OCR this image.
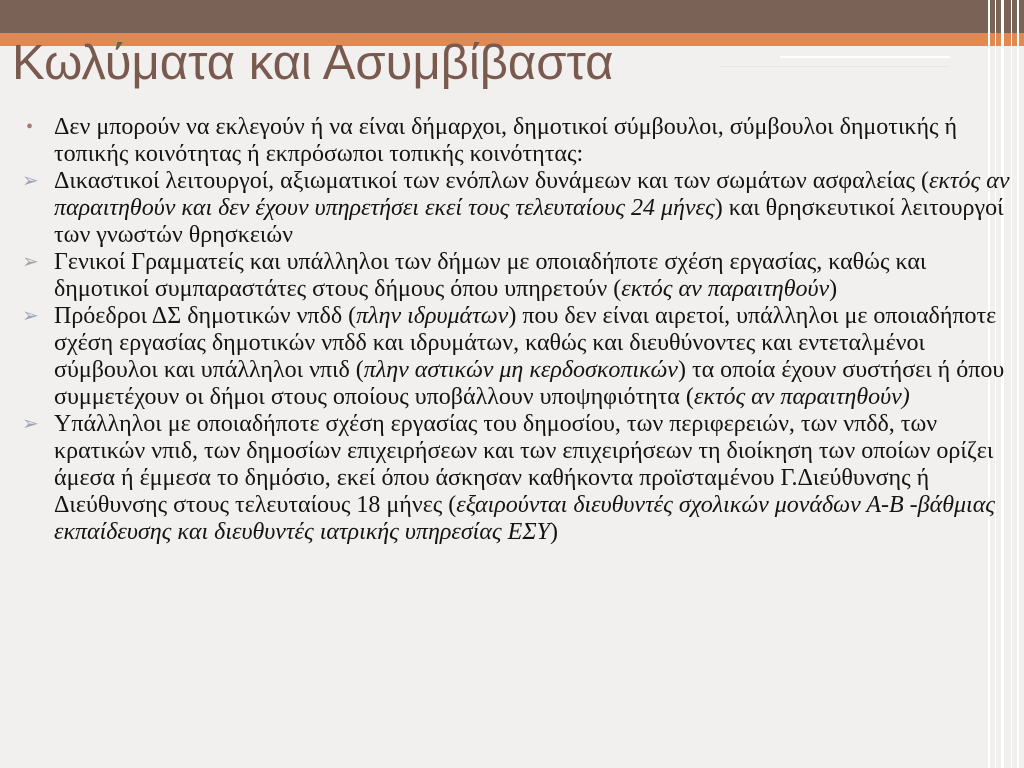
Κωλύματα και Ασυμβίβαστα
• Δεν μπορούν να εκλεγούν ή να είναι δήμαρχοι, δημοτικοί σύμβουλοι, σύμβουλοι δημοτικής ή τοπικής κοινότητας ή εκπρόσωποι τοπικής κοινότητας:
➢ Δικαστικοί λειτουργοί, αξιωματικοί των ενόπλων δυνάμεων και των σωμάτων ασφαλείας (εκτός αν παραιτηθούν και δεν έχουν υπηρετήσει εκεί τους τελευταίους 24 μήνες) και θρησκευτικοί λειτουργοί των γνωστών θρησκειών
➢ Γενικοί Γραμματείς και υπάλληλοι των δήμων με οποιαδήποτε σχέση εργασίας, καθώς και δημοτικοί συμπαραστάτες στους δήμους όπου υπηρετούν (εκτός αν παραιτηθούν)
➢ Πρόεδροι ΔΣ δημοτικών νπδδ (πλην ιδρυμάτων) που δεν είναι αιρετοί, υπάλληλοι με οποιαδήποτε σχέση εργασίας δημοτικών νπδδ και ιδρυμάτων, καθώς και διευθύνοντες και εντεταλμένοι σύμβουλοι και υπάλληλοι νπιδ (πλην αστικών μη κερδοσκοπικών) τα οποία έχουν συστήσει ή όπου συμμετέχουν οι δήμοι στους οποίους υποβάλλουν υποψηφιότητα (εκτός αν παραιτηθούν)
➢ Υπάλληλοι με οποιαδήποτε σχέση εργασίας του δημοσίου, των περιφερειών, των νπδδ, των κρατικών νπιδ, των δημοσίων επιχειρήσεων και των επιχειρήσεων τη διοίκηση των οποίων ορίζει άμεσα ή έμμεσα το δημόσιο, εκεί όπου άσκησαν καθήκοντα προϊσταμένου Γ.Διεύθυνσης ή Διεύθυνσης στους τελευταίους 18 μήνες (εξαιρούνται διευθυντές σχολικών μονάδων Α-Β -βάθμιας εκπαίδευσης και διευθυντές ιατρικής υπηρεσίας ΕΣΥ)
